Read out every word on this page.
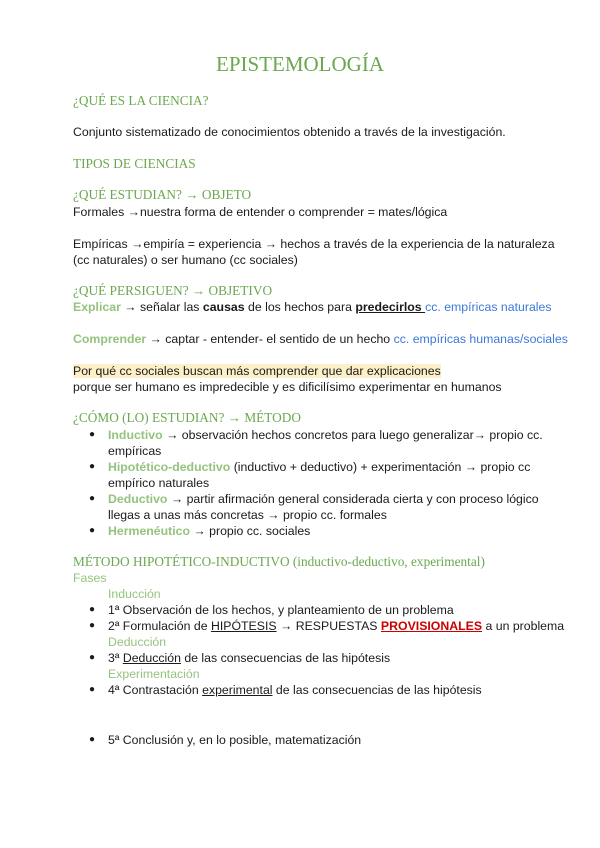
EPISTEMOLOGÍA
¿QUÉ ES LA CIENCIA?
Conjunto sistematizado de conocimientos obtenido a través de la investigación.
TIPOS DE CIENCIAS
¿QUÉ ESTUDIAN? → OBJETO
Formales →nuestra forma de entender o comprender = mates/lógica
Empíricas →empiría = experiencia → hechos a través de la experiencia de la naturaleza
(cc naturales) o ser humano (cc sociales)
¿QUÉ PERSIGUEN? → OBJETIVO
Explicar → señalar las causas de los hechos para predecirlos cc. empíricas naturales
Comprender → captar - entender- el sentido de un hecho cc. empíricas humanas/sociales
Por qué cc sociales buscan más comprender que dar explicaciones
porque ser humano es impredecible y es dificilísimo experimentar en humanos
¿CÓMO (LO) ESTUDIAN? → MÉTODO
● Inductivo → observación hechos concretos para luego generalizar→ propio cc.
empíricas
● Hipotético-deductivo (inductivo + deductivo) + experimentación → propio cc
empírico naturales
● Deductivo → partir afirmación general considerada cierta y con proceso lógico
llegas a unas más concretas → propio cc. formales
● Hermenéutico → propio cc. sociales
MÉTODO HIPOTÉTICO-INDUCTIVO (inductivo-deductivo, experimental)
Fases
Inducción
● 1ª Observación de los hechos, y planteamiento de un problema
● 2ª Formulación de HIPÓTESIS → RESPUESTAS PROVISIONALES a un problema
Deducción
● 3ª Deducción de las consecuencias de las hipótesis
Experimentación
● 4ª Contrastación experimental de las consecuencias de las hipótesis
● 5ª Conclusión y, en lo posible, matematización
